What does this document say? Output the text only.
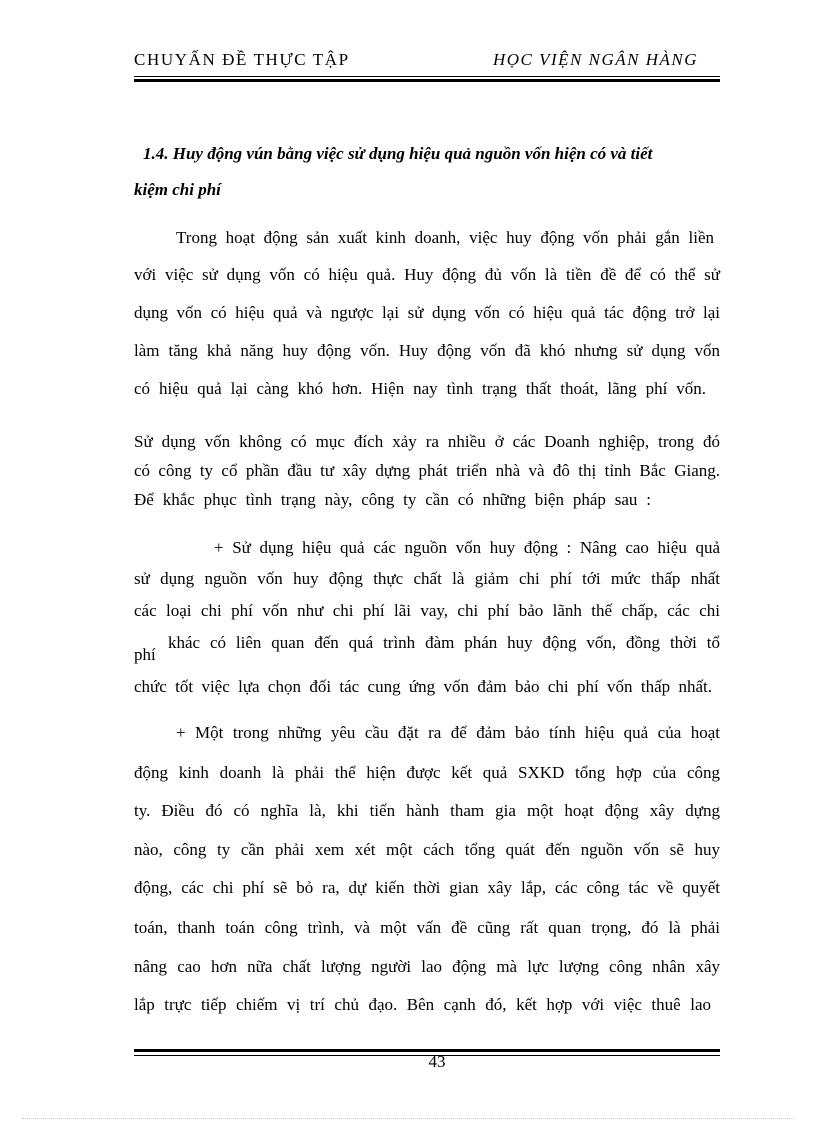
CHUYẤN ĐỀ THỰC TẬP	HỌC VIỆN NGÂN HÀNG
1.4. Huy động vún bằng việc sử dụng hiệu quả nguồn vốn hiện có và tiết
kiệm chi phí
Trong hoạt động sản xuất kinh doanh, việc huy động vốn phải gắn liền
với việc sử dụng vốn có hiệu quả. Huy động đủ vốn là tiền đề để có thể sử
dụng vốn có hiệu quả và ngược lại sử dụng vốn có hiệu quả tác động trở lại
làm tăng khả năng huy động vốn. Huy động vốn đã khó nhưng sử dụng vốn
có hiệu quả lại càng khó hơn. Hiện nay tình trạng thất thoát, lãng phí vốn.
Sử dụng vốn không có mục đích xảy ra nhiều ở các Doanh nghiệp, trong đó
có công ty cổ phần đầu tư xây dựng phát triển nhà và đô thị tỉnh Bắc Giang.
Để khắc phục tình trạng này, công ty cần có những biện pháp sau :
+ Sử dụng hiệu quả các nguồn vốn huy động : Nâng cao hiệu quả
sử dụng nguồn vốn huy động thực chất là giảm chi phí tới mức thấp nhất
các loại chi phí vốn như chi phí lãi vay, chi phí bảo lãnh thế chấp, các chi
phí
khác có liên quan đến quá trình đàm phán huy động vốn, đồng thời tổ
chức tốt việc lựa chọn đối tác cung ứng vốn đảm bảo chi phí vốn thấp nhất.
+ Một trong những yêu cầu đặt ra để đảm bảo tính hiệu quả của hoạt
động kinh doanh là phải thể hiện được kết quả SXKD tổng hợp của công
ty. Điều đó có nghĩa là, khi tiến hành tham gia một hoạt động xây dựng
nào, công ty cần phải xem xét một cách tổng quát đến nguồn vốn sẽ huy
động, các chi phí sẽ bỏ ra, dự kiến thời gian xây lắp, các công tác về quyết
toán, thanh toán công trình, và một vấn đề cũng rất quan trọng, đó là phải
nâng cao hơn nữa chất lượng người lao động mà lực lượng công nhân xây
lắp trực tiếp chiếm vị trí chủ đạo. Bên cạnh đó, kết hợp với việc thuê lao
43
